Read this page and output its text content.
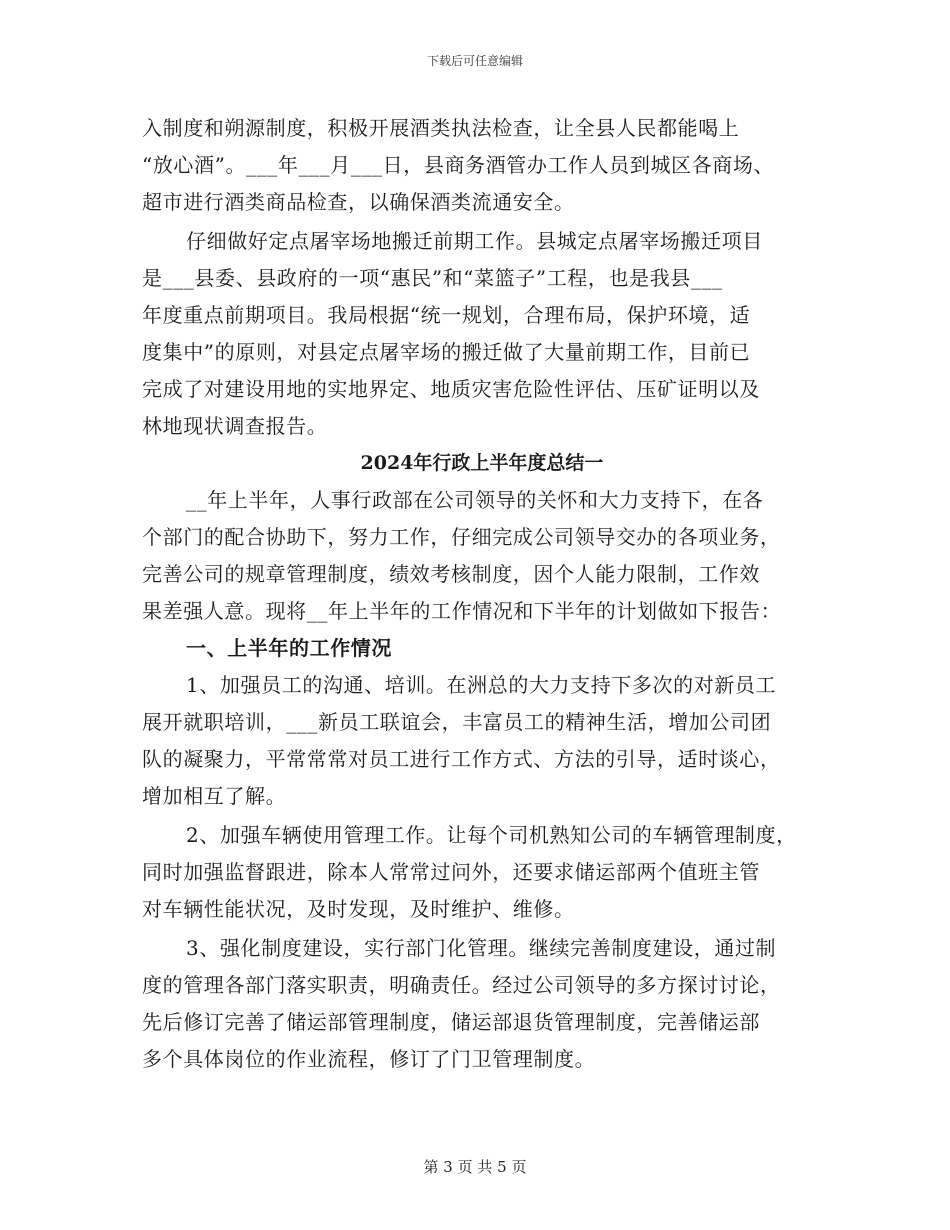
下载后可任意编辑
入制度和朔源制度，积极开展酒类执法检查，让全县人民都能喝上
“放心酒”。___年___月___日，县商务酒管办工作人员到城区各商场、
超市进行酒类商品检查，以确保酒类流通安全。
仔细做好定点屠宰场地搬迁前期工作。县城定点屠宰场搬迁项目
是___县委、县政府的一项“惠民”和“菜篮子”工程，也是我县___
年度重点前期项目。我局根据“统一规划，合理布局，保护环境，适
度集中”的原则，对县定点屠宰场的搬迁做了大量前期工作，目前已
完成了对建设用地的实地界定、地质灾害危险性评估、压矿证明以及
林地现状调查报告。
2024年行政上半年度总结一
__年上半年，人事行政部在公司领导的关怀和大力支持下，在各
个部门的配合协助下，努力工作，仔细完成公司领导交办的各项业务，
完善公司的规章管理制度，绩效考核制度，因个人能力限制，工作效
果差强人意。现将__年上半年的工作情况和下半年的计划做如下报告：
一、上半年的工作情况
1、加强员工的沟通、培训。在洲总的大力支持下多次的对新员工
展开就职培训，___新员工联谊会，丰富员工的精神生活，增加公司团
队的凝聚力，平常常常对员工进行工作方式、方法的引导，适时谈心，
增加相互了解。
2、加强车辆使用管理工作。让每个司机熟知公司的车辆管理制度，
同时加强监督跟进，除本人常常过问外，还要求储运部两个值班主管
对车辆性能状况，及时发现，及时维护、维修。
3、强化制度建设，实行部门化管理。继续完善制度建设，通过制
度的管理各部门落实职责，明确责任。经过公司领导的多方探讨讨论，
先后修订完善了储运部管理制度，储运部退货管理制度，完善储运部
多个具体岗位的作业流程，修订了门卫管理制度。
第 3 页 共 5 页
